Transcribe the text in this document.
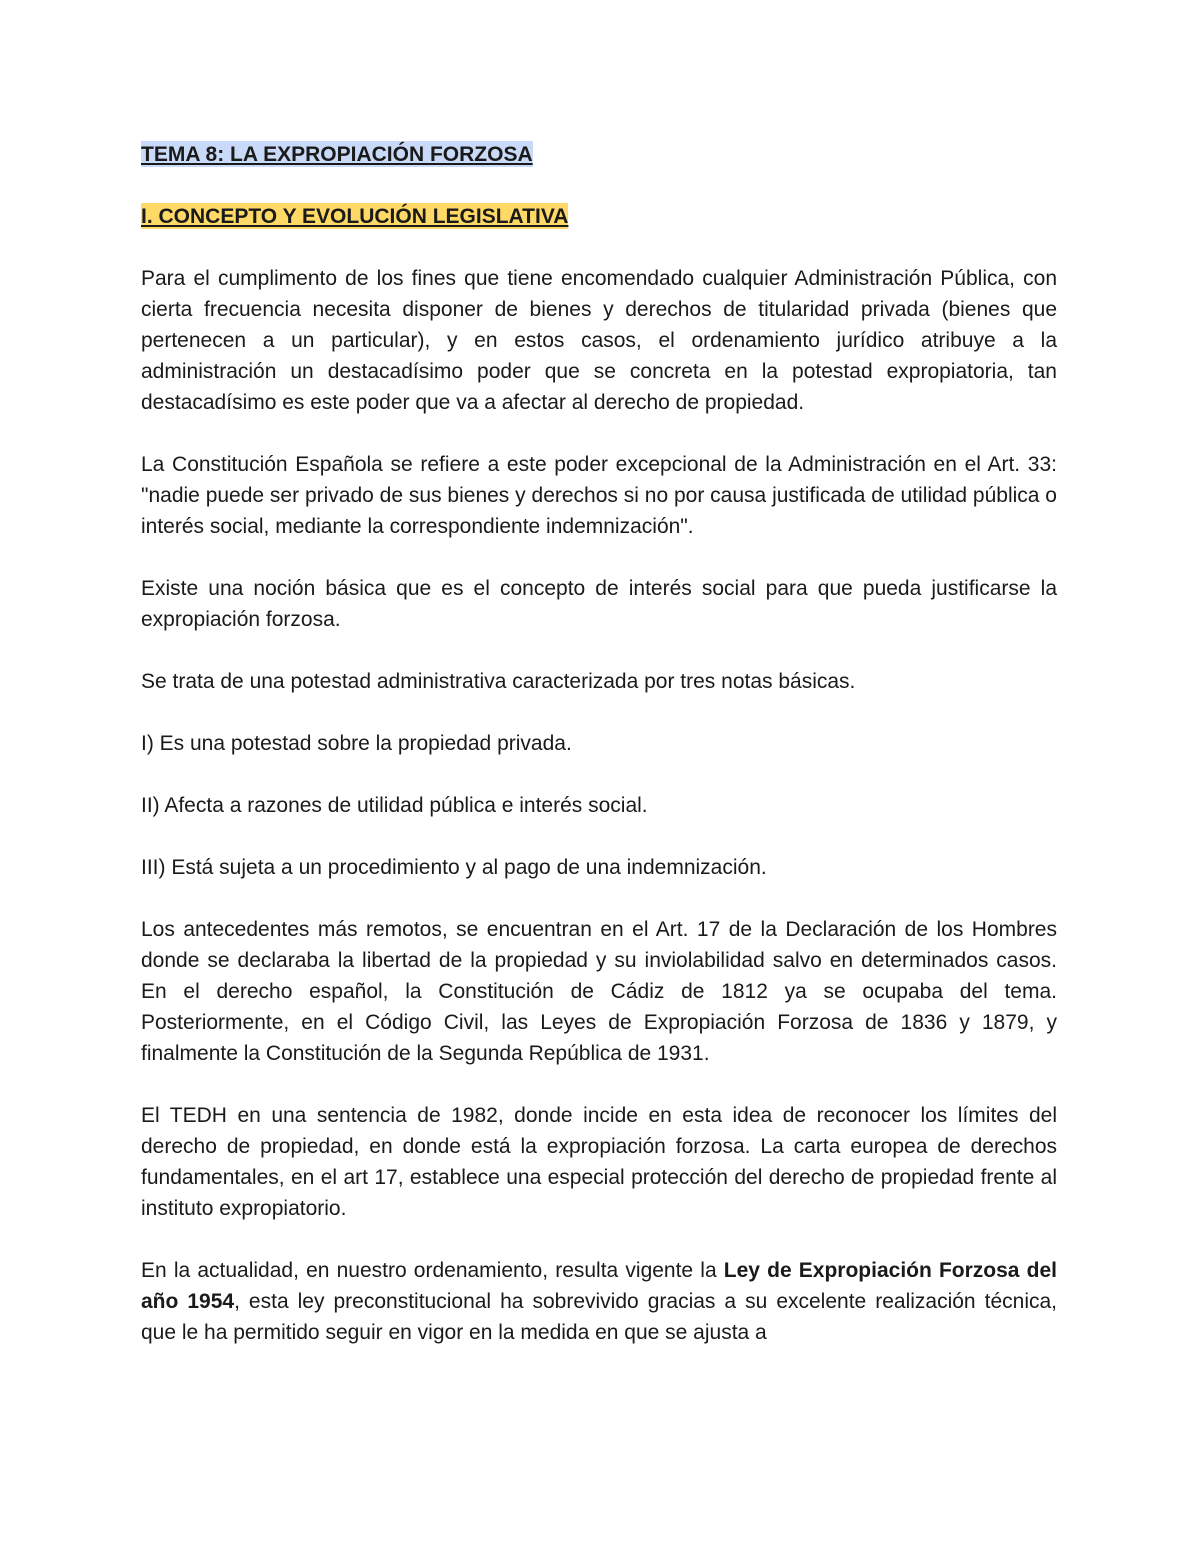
TEMA 8: LA EXPROPIACIÓN FORZOSA
I. CONCEPTO Y EVOLUCIÓN LEGISLATIVA

Para el cumplimento de los fines que tiene encomendado cualquier Administración Pública, con cierta frecuencia necesita disponer de bienes y derechos de titularidad privada (bienes que pertenecen a un particular), y en estos casos, el ordenamiento jurídico atribuye a la administración un destacadísimo poder que se concreta en la potestad expropiatoria, tan destacadísimo es este poder que va a afectar al derecho de propiedad.

La Constitución Española se refiere a este poder excepcional de la Administración en el Art. 33: "nadie puede ser privado de sus bienes y derechos si no por causa justificada de utilidad pública o interés social, mediante la correspondiente indemnización".

Existe una noción básica que es el concepto de interés social para que pueda justificarse la expropiación forzosa.

Se trata de una potestad administrativa caracterizada por tres notas básicas.

I) Es una potestad sobre la propiedad privada.

II) Afecta a razones de utilidad pública e interés social.

III) Está sujeta a un procedimiento y al pago de una indemnización.

Los antecedentes más remotos, se encuentran en el Art. 17 de la Declaración de los Hombres donde se declaraba la libertad de la propiedad y su inviolabilidad salvo en determinados casos. En el derecho español, la Constitución de Cádiz de 1812 ya se ocupaba del tema. Posteriormente, en el Código Civil, las Leyes de Expropiación Forzosa de 1836 y 1879, y finalmente la Constitución de la Segunda República de 1931.

El TEDH en una sentencia de 1982, donde incide en esta idea de reconocer los límites del derecho de propiedad, en donde está la expropiación forzosa. La carta europea de derechos fundamentales, en el art 17, establece una especial protección del derecho de propiedad frente al instituto expropiatorio.

En la actualidad, en nuestro ordenamiento, resulta vigente la Ley de Expropiación Forzosa del año 1954, esta ley preconstitucional ha sobrevivido gracias a su excelente realización técnica, que le ha permitido seguir en vigor en la medida en que se ajusta a
